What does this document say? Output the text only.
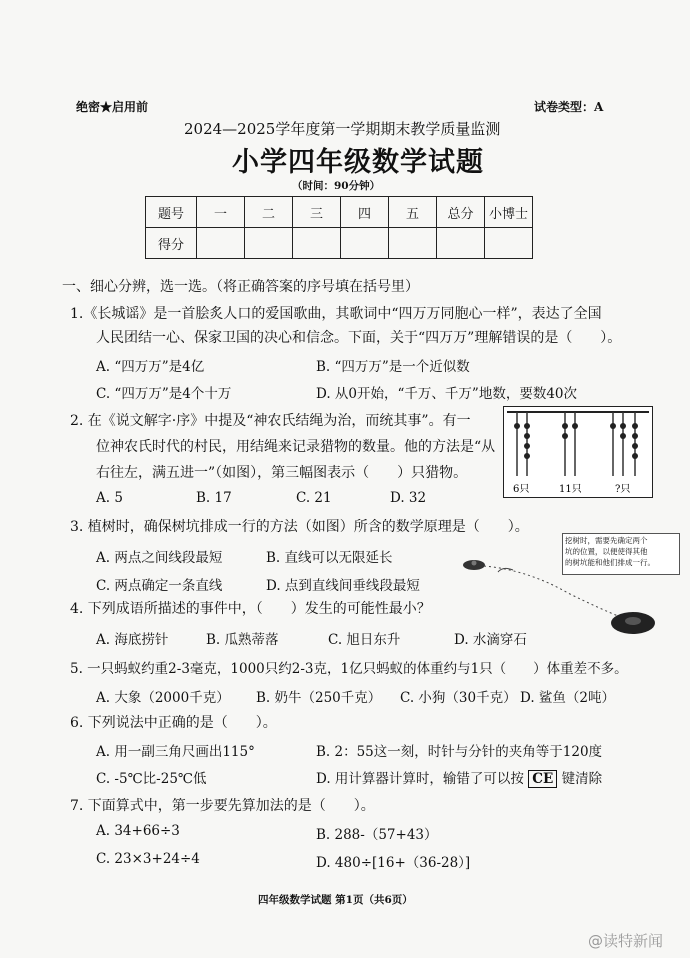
绝密★启用前	试卷类型：A
2024—2025学年度第一学期期末教学质量监测
小学四年级数学试题
（时间：90分钟）
题号	一	二	三	四	五	总分	小博士
得分							
一、细心分辨，选一选。（将正确答案的序号填在括号里）
1.《长城谣》是一首脍炙人口的爱国歌曲，其歌词中“四万万同胞心一样”，表达了全国
人民团结一心、保家卫国的决心和信念。下面，关于“四万万”理解错误的是（　　）。
A. “四万万”是4亿	B. “四万万”是一个近似数
C. “四万万”是4个十万	D. 从0开始，“千万、千万”地数，要数40次
2. 在《说文解字·序》中提及“神农氏结绳为治，而统其事”。有一
位神农氏时代的村民，用结绳来记录猎物的数量。他的方法是“从
右往左，满五进一”（如图），第三幅图表示（　　）只猎物。
A. 5	B. 17	C. 21	D. 32
6只	11只	?只
3. 植树时，确保树坑排成一行的方法（如图）所含的数学原理是（　　）。
A. 两点之间线段最短	B. 直线可以无限延长
C. 两点确定一条直线	D. 点到直线间垂线段最短
挖树时，需要先确定两个
坑的位置，以便使得其他
的树坑能和他们排成一行。
4. 下列成语所描述的事件中，（　　）发生的可能性最小？
A. 海底捞针	B. 瓜熟蒂落	C. 旭日东升	D. 水滴穿石
5. 一只蚂蚁约重2-3毫克，1000只约2-3克，1亿只蚂蚁的体重约与1只（　　）体重差不多。
A. 大象（2000千克） B. 奶牛（250千克） C. 小狗（30千克） D. 鲨鱼（2吨）
6. 下列说法中正确的是（　　）。
A. 用一副三角尺画出115°	B. 2：55这一刻，时针与分针的夹角等于120度
C. -5℃比-25℃低	D. 用计算器计算时，输错了可以按 CE 键清除
7. 下面算式中，第一步要先算加法的是（　　）。
A. 34+66÷3	B. 288-（57+43）
C. 23×3+24÷4	D. 480÷[16+（36-28）]
四年级数学试题 第1页（共6页）
@读特新闻
